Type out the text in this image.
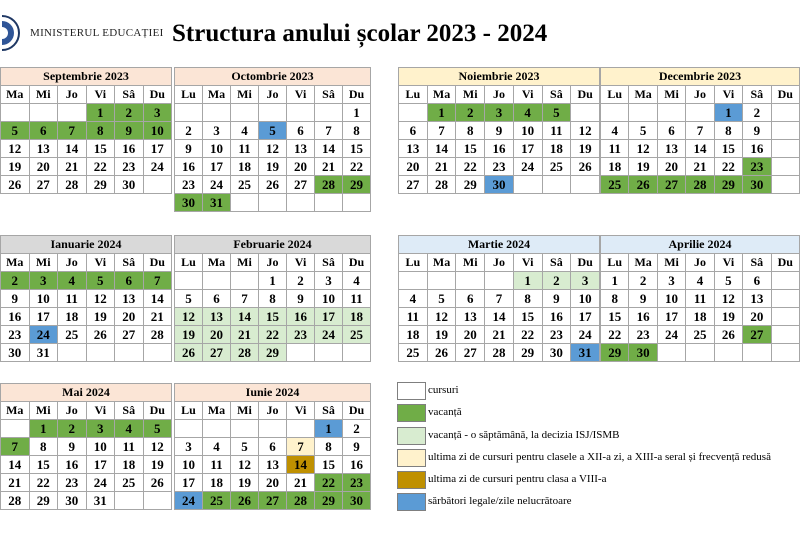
MINISTERUL EDUCAȚIEI Structura anului școlar 2023 - 2024
Septembrie 2023					
Ma	Mi	Jo	Vi	Sâ	Du
			1	2	3
5	6	7	8	9	10
12	13	14	15	16	17
19	20	21	22	23	24
26	27	28	29	30	
Octombrie 2023						
Lu	Ma	Mi	Jo	Vi	Sâ	Du
						1
2	3	4	5	6	7	8
9	10	11	12	13	14	15
16	17	18	19	20	21	22
23	24	25	26	27	28	29
30	31					
Noiembrie 2023						
Lu	Ma	Mi	Jo	Vi	Sâ	Du
	1	2	3	4	5	
6	7	8	9	10	11	12
13	14	15	16	17	18	19
20	21	22	23	24	25	26
27	28	29	30			
Decembrie 2023						
Lu	Ma	Mi	Jo	Vi	Sâ	Du
				1	2	
4	5	6	7	8	9	
11	12	13	14	15	16	
18	19	20	21	22	23	
25	26	27	28	29	30	
Ianuarie 2024					
Ma	Mi	Jo	Vi	Sâ	Du
2	3	4	5	6	7
9	10	11	12	13	14
16	17	18	19	20	21
23	24	25	26	27	28
30	31				
Februarie 2024						
Lu	Ma	Mi	Jo	Vi	Sâ	Du
			1	2	3	4
5	6	7	8	9	10	11
12	13	14	15	16	17	18
19	20	21	22	23	24	25
26	27	28	29			
Martie 2024						
Lu	Ma	Mi	Jo	Vi	Sâ	Du
				1	2	3
4	5	6	7	8	9	10
11	12	13	14	15	16	17
18	19	20	21	22	23	24
25	26	27	28	29	30	31
Aprilie 2024						
Lu	Ma	Mi	Jo	Vi	Sâ	Du
1	2	3	4	5	6	
8	9	10	11	12	13	
15	16	17	18	19	20	
22	23	24	25	26	27	
29	30					
Mai 2024					
Ma	Mi	Jo	Vi	Sâ	Du
	1	2	3	4	5
7	8	9	10	11	12
14	15	16	17	18	19
21	22	23	24	25	26
28	29	30	31		
Iunie 2024						
Lu	Ma	Mi	Jo	Vi	Sâ	Du
					1	2
3	4	5	6	7	8	9
10	11	12	13	14	15	16
17	18	19	20	21	22	23
24	25	26	27	28	29	30
cursuri
vacanță
vacanță - o săptămână, la decizia ISJ/ISMB
ultima zi de cursuri pentru clasele a XII-a zi, a XIII-a seral și frecvență redusă
ultima zi de cursuri pentru clasa a VIII-a
sărbători legale/zile nelucrătoare
